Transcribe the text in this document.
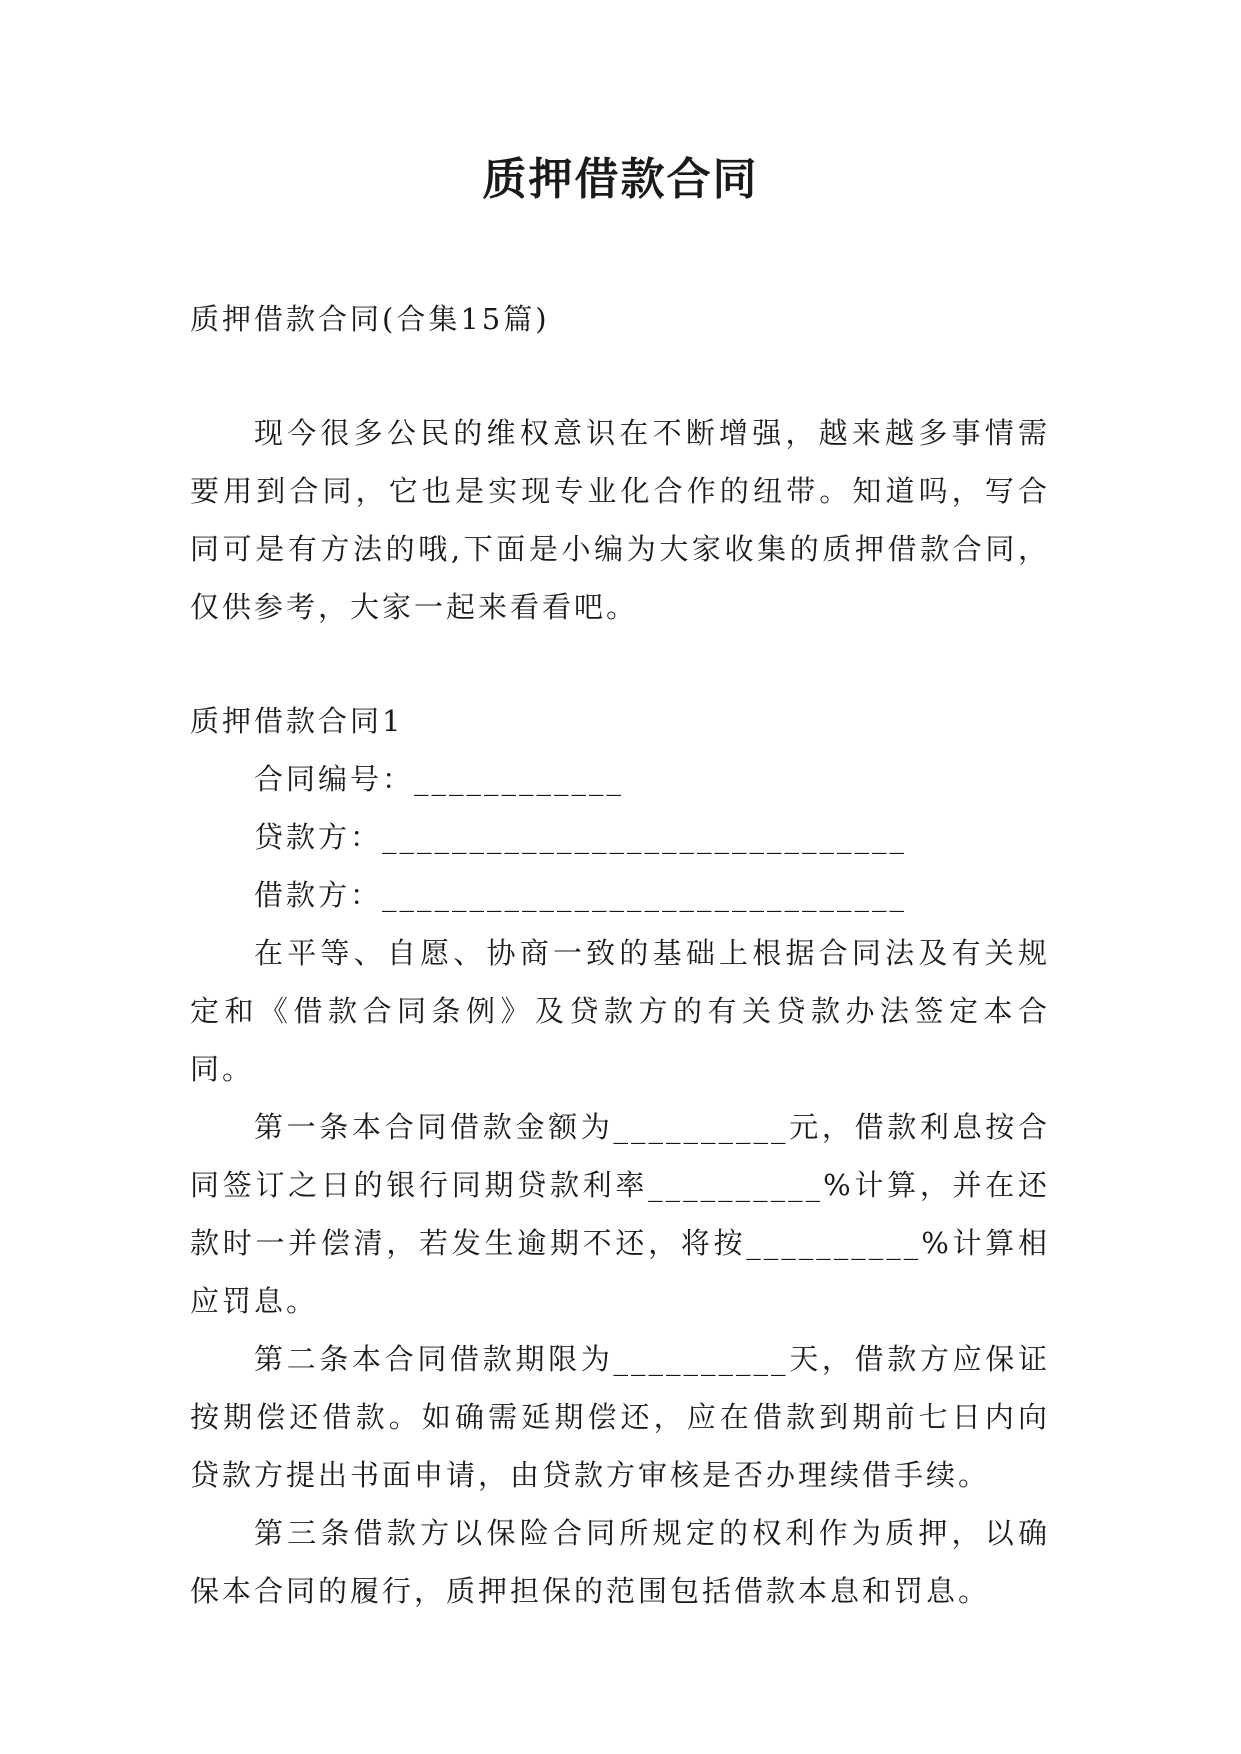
质押借款合同

质押借款合同(合集15篇)

现今很多公民的维权意识在不断增强，越来越多事情需要用到合同，它也是实现专业化合作的纽带。知道吗，写合同可是有方法的哦,下面是小编为大家收集的质押借款合同，仅供参考，大家一起来看看吧。

质押借款合同1

合同编号：____________

贷款方：______________________________

借款方：______________________________

在平等、自愿、协商一致的基础上根据合同法及有关规定和《借款合同条例》及贷款方的有关贷款办法签定本合同。

第一条本合同借款金额为__________元，借款利息按合同签订之日的银行同期贷款利率__________%计算，并在还款时一并偿清，若发生逾期不还，将按__________%计算相应罚息。

第二条本合同借款期限为__________天，借款方应保证按期偿还借款。如确需延期偿还，应在借款到期前七日内向贷款方提出书面申请，由贷款方审核是否办理续借手续。

第三条借款方以保险合同所规定的权利作为质押，以确保本合同的履行，质押担保的范围包括借款本息和罚息。
